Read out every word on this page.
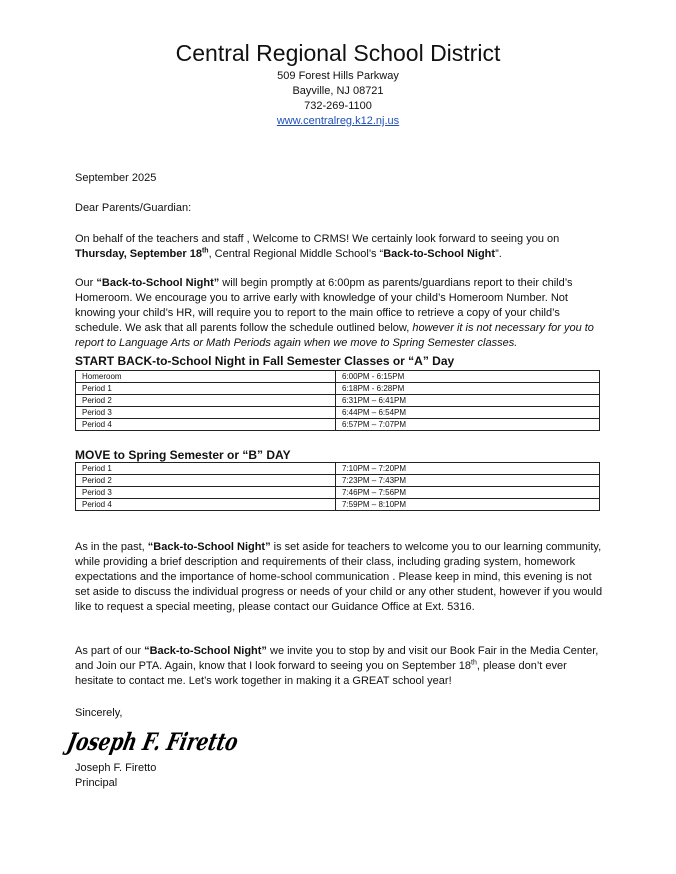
Central Regional School District
509 Forest Hills Parkway
Bayville, NJ 08721
732-269-1100
www.centralreg.k12.nj.us

September 2025

Dear Parents/Guardian:

On behalf of the teachers and staff , Welcome to CRMS! We certainly look forward to seeing you on Thursday, September 18th, Central Regional Middle School’s “Back-to-School Night”.

Our “Back-to-School Night” will begin promptly at 6:00pm as parents/guardians report to their child’s Homeroom. We encourage you to arrive early with knowledge of your child’s Homeroom Number. Not knowing your child’s HR, will require you to report to the main office to retrieve a copy of your child’s schedule. We ask that all parents follow the schedule outlined below, however it is not necessary for you to report to Language Arts or Math Periods again when we move to Spring Semester classes.

START BACK-to-School Night in Fall Semester Classes or “A” Day
Homeroom	6:00PM - 6:15PM
Period 1	6:18PM - 6:28PM
Period 2	6:31PM – 6:41PM
Period 3	6:44PM – 6:54PM
Period 4	6:57PM – 7:07PM
MOVE to Spring Semester or “B” DAY
Period 1	7:10PM – 7:20PM
Period 2	7:23PM – 7:43PM
Period 3	7:46PM – 7:56PM
Period 4	7:59PM – 8:10PM

As in the past, “Back-to-School Night” is set aside for teachers to welcome you to our learning community, while providing a brief description and requirements of their class, including grading system, homework expectations and the importance of home-school communication . Please keep in mind, this evening is not set aside to discuss the individual progress or needs of your child or any other student, however if you would like to request a special meeting, please contact our Guidance Office at Ext. 5316.

As part of our “Back-to-School Night” we invite you to stop by and visit our Book Fair in the Media Center, and Join our PTA. Again, know that I look forward to seeing you on September 18th, please don’t ever hesitate to contact me. Let’s work together in making it a GREAT school year!

Sincerely,

Joseph F. Firetto
Joseph F. Firetto
Principal
